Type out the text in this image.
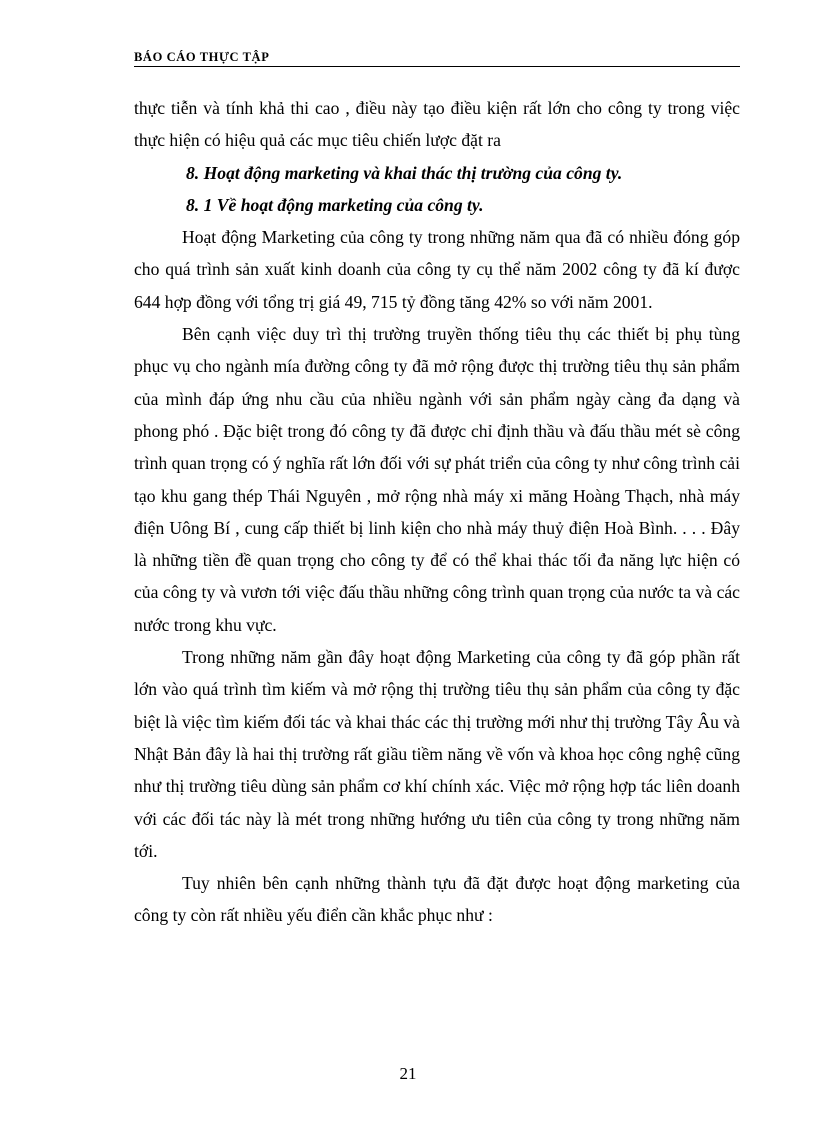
BÁO CÁO THỰC TẬP

thực tiễn và tính khả thi cao , điều này tạo điều kiện rất lớn cho công ty trong việc thực hiện có hiệu quả các mục tiêu chiến lược đặt ra

8. Hoạt động marketing và khai thác thị trường của công ty.

8. 1 Về hoạt động marketing của công ty.

Hoạt động Marketing của công ty trong những năm qua đã có nhiều đóng góp cho quá trình sản xuất kinh doanh của công ty cụ thể năm 2002 công ty đã kí được 644 hợp đồng với tổng trị giá 49, 715 tỷ đồng tăng 42% so với năm 2001.

Bên cạnh việc duy trì thị trường truyền thống tiêu thụ các thiết bị phụ tùng phục vụ cho ngành mía đường công ty đã mở rộng được thị trường tiêu thụ sản phẩm của mình đáp ứng nhu cầu của nhiều ngành với sản phẩm ngày càng đa dạng và phong phó . Đặc biệt trong đó công ty đã được chỉ định thầu và đấu thầu mét sè công trình quan trọng có ý nghĩa rất lớn đối với sự phát triển của công ty như công trình cải tạo khu gang thép Thái Nguyên , mở rộng nhà máy xi măng Hoàng Thạch, nhà máy điện Uông Bí , cung cấp thiết bị linh kiện cho nhà máy thuỷ điện Hoà Bình. . . . Đây là những tiền đề quan trọng cho công ty để có thể khai thác tối đa năng lực hiện có của công ty và vươn tới việc đấu thầu những công trình quan trọng của nước ta và các nước trong khu vực.

Trong những năm gần đây hoạt động Marketing của công ty đã góp phần rất lớn vào quá trình tìm kiếm và mở rộng thị trường tiêu thụ sản phẩm của công ty đặc biệt là việc tìm kiếm đối tác và khai thác các thị trường mới như thị trường Tây Âu và Nhật Bản đây là hai thị trường rất giầu tiềm năng về vốn và khoa học công nghệ cũng như thị trường tiêu dùng sản phẩm cơ khí chính xác. Việc mở rộng hợp tác liên doanh với các đối tác này là mét trong những hướng ưu tiên của công ty trong những năm tới.

Tuy nhiên bên cạnh những thành tựu đã đặt được hoạt động marketing của công ty còn rất nhiều yếu điển cần khắc phục như :

21
